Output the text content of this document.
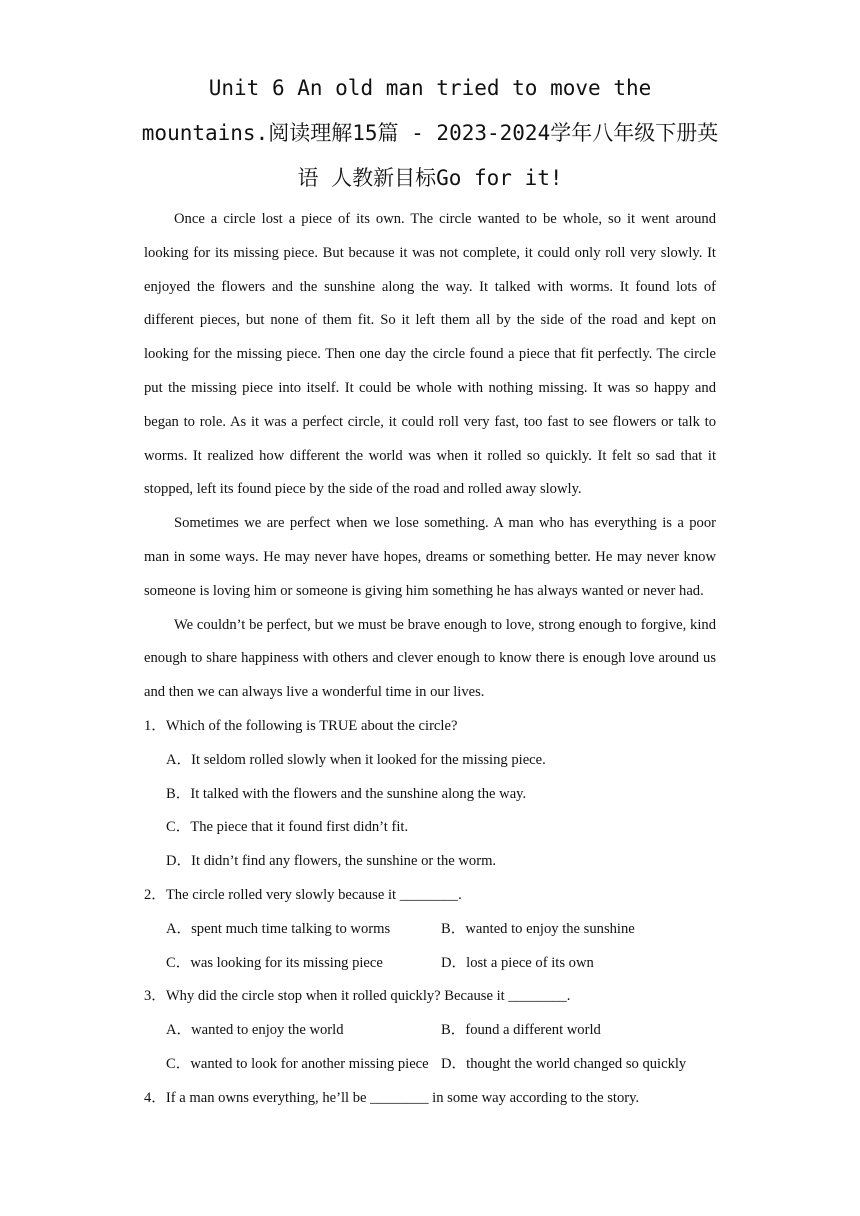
Unit 6 An old man tried to move the mountains.阅读理解15篇 - 2023-2024学年八年级下册英语 人教新目标Go for it!

Once a circle lost a piece of its own. The circle wanted to be whole, so it went around looking for its missing piece. But because it was not complete, it could only roll very slowly. It enjoyed the flowers and the sunshine along the way. It talked with worms. It found lots of different pieces, but none of them fit. So it left them all by the side of the road and kept on looking for the missing piece. Then one day the circle found a piece that fit perfectly. The circle put the missing piece into itself. It could be whole with nothing missing. It was so happy and began to role. As it was a perfect circle, it could roll very fast, too fast to see flowers or talk to worms. It realized how different the world was when it rolled so quickly. It felt so sad that it stopped, left its found piece by the side of the road and rolled away slowly.

Sometimes we are perfect when we lose something. A man who has everything is a poor man in some ways. He may never have hopes, dreams or something better. He may never know someone is loving him or someone is giving him something he has always wanted or never had.

We couldn’t be perfect, but we must be brave enough to love, strong enough to forgive, kind enough to share happiness with others and clever enough to know there is enough love around us and then we can always live a wonderful time in our lives.

1．Which of the following is TRUE about the circle?

A．It seldom rolled slowly when it looked for the missing piece.

B．It talked with the flowers and the sunshine along the way.

C．The piece that it found first didn’t fit.

D．It didn’t find any flowers, the sunshine or the worm.

2．The circle rolled very slowly because it ________.

A．spent much time talking to worms	B．wanted to enjoy the sunshine
C．was looking for its missing piece	D．lost a piece of its own

3．Why did the circle stop when it rolled quickly? Because it ________.

A．wanted to enjoy the world	B．found a different world
C．wanted to look for another missing piece D．thought the world changed so quickly

4．If a man owns everything, he’ll be ________ in some way according to the story.
